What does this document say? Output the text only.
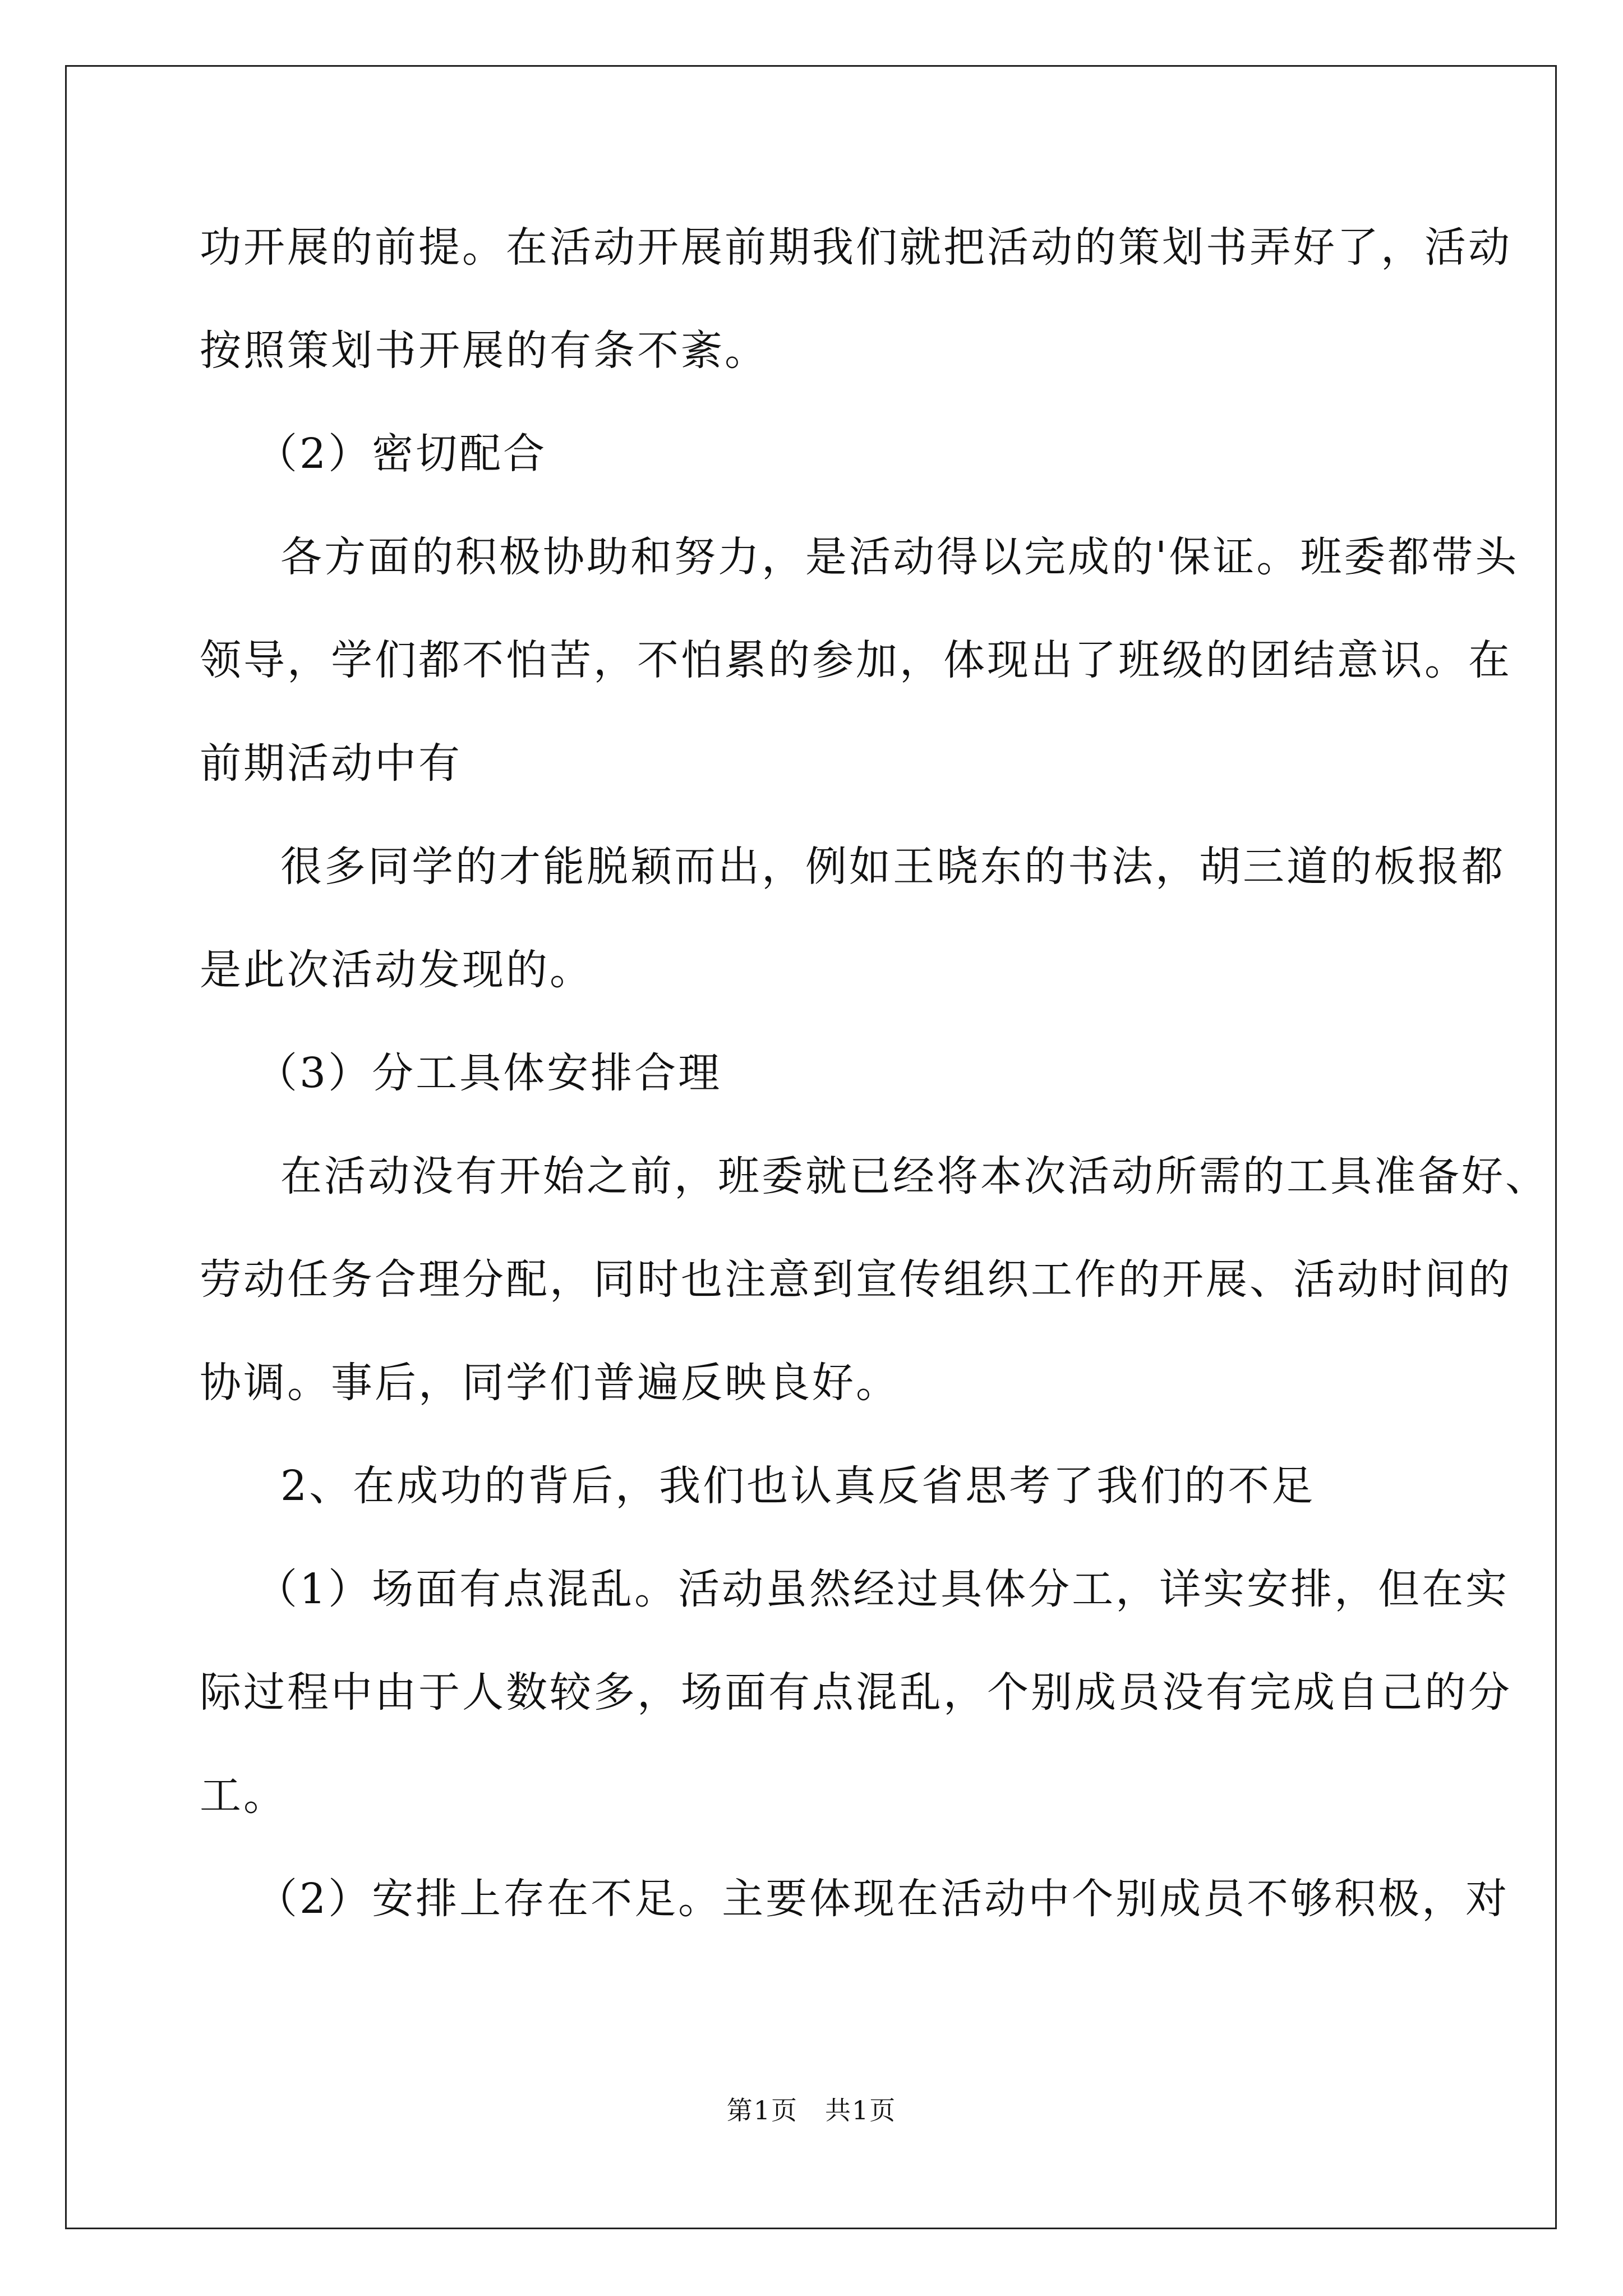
功开展的前提。在活动开展前期我们就把活动的策划书弄好了，活动
按照策划书开展的有条不紊。
（2）密切配合
各方面的积极协助和努力，是活动得以完成的'保证。班委都带头
领导，学们都不怕苦，不怕累的参加，体现出了班级的团结意识。在
前期活动中有
很多同学的才能脱颖而出，例如王晓东的书法，胡三道的板报都
是此次活动发现的。
（3）分工具体安排合理
在活动没有开始之前，班委就已经将本次活动所需的工具准备好、
劳动任务合理分配，同时也注意到宣传组织工作的开展、活动时间的
协调。事后，同学们普遍反映良好。
2、在成功的背后，我们也认真反省思考了我们的不足
（1）场面有点混乱。活动虽然经过具体分工，详实安排，但在实
际过程中由于人数较多，场面有点混乱，个别成员没有完成自己的分
工。
（2）安排上存在不足。主要体现在活动中个别成员不够积极，对
第1页　共1页
